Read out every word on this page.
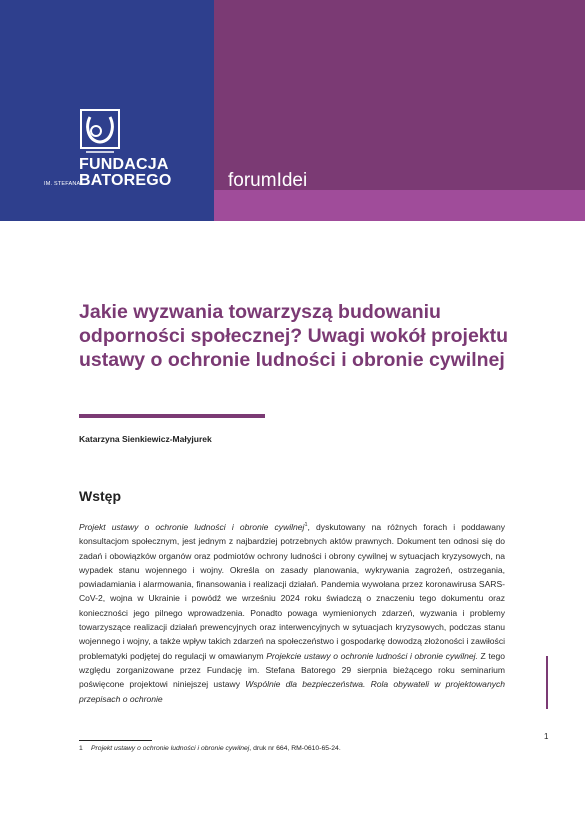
FUNDACJA
IM. STEFANA
BATOREGO	forumIdei
Jakie wyzwania towarzyszą budowaniu odporności społecznej? Uwagi wokół projektu ustawy o ochronie ludności i obronie cywilnej
Katarzyna Sienkiewicz-Małyjurek
Wstęp

Projekt ustawy o ochronie ludności i obronie cywilnej$^1$, dyskutowany na różnych forach i poddawany konsultacjom społecznym, jest jednym z najbardziej potrzebnych aktów prawnych. Dokument ten odnosi się do zadań i obowiązków organów oraz podmiotów ochrony ludności i obrony cywilnej w sytuacjach kryzysowych, na wypadek stanu wojennego i wojny. Określa on zasady planowania, wykrywania zagrożeń, ostrzegania, powiadamiania i alarmowania, finansowania i realizacji działań. Pandemia wywołana przez koronawirusa SARS-CoV-2, wojna w Ukrainie i powódź we wrześniu 2024 roku świadczą o znaczeniu tego dokumentu oraz konieczności jego pilnego wprowadzenia. Ponadto powaga wymienionych zdarzeń, wyzwania i problemy towarzyszące realizacji działań prewencyjnych oraz interwencyjnych w sytuacjach kryzysowych, podczas stanu wojennego i wojny, a także wpływ takich zdarzeń na społeczeństwo i gospodarkę dowodzą złożoności i zawiłości problematyki podjętej do regulacji w omawianym Projekcie ustawy o ochronie ludności i obronie cywilnej. Z tego względu zorganizowane przez Fundację im. Stefana Batorego 29 sierpnia bieżącego roku seminarium poświęcone projektowi niniejszej ustawy Wspólnie dla bezpieczeństwa. Rola obywateli w projektowanych przepisach o ochronie

1
1 Projekt ustawy o ochronie ludności i obronie cywilnej, druk nr 664, RM-0610-65-24.
